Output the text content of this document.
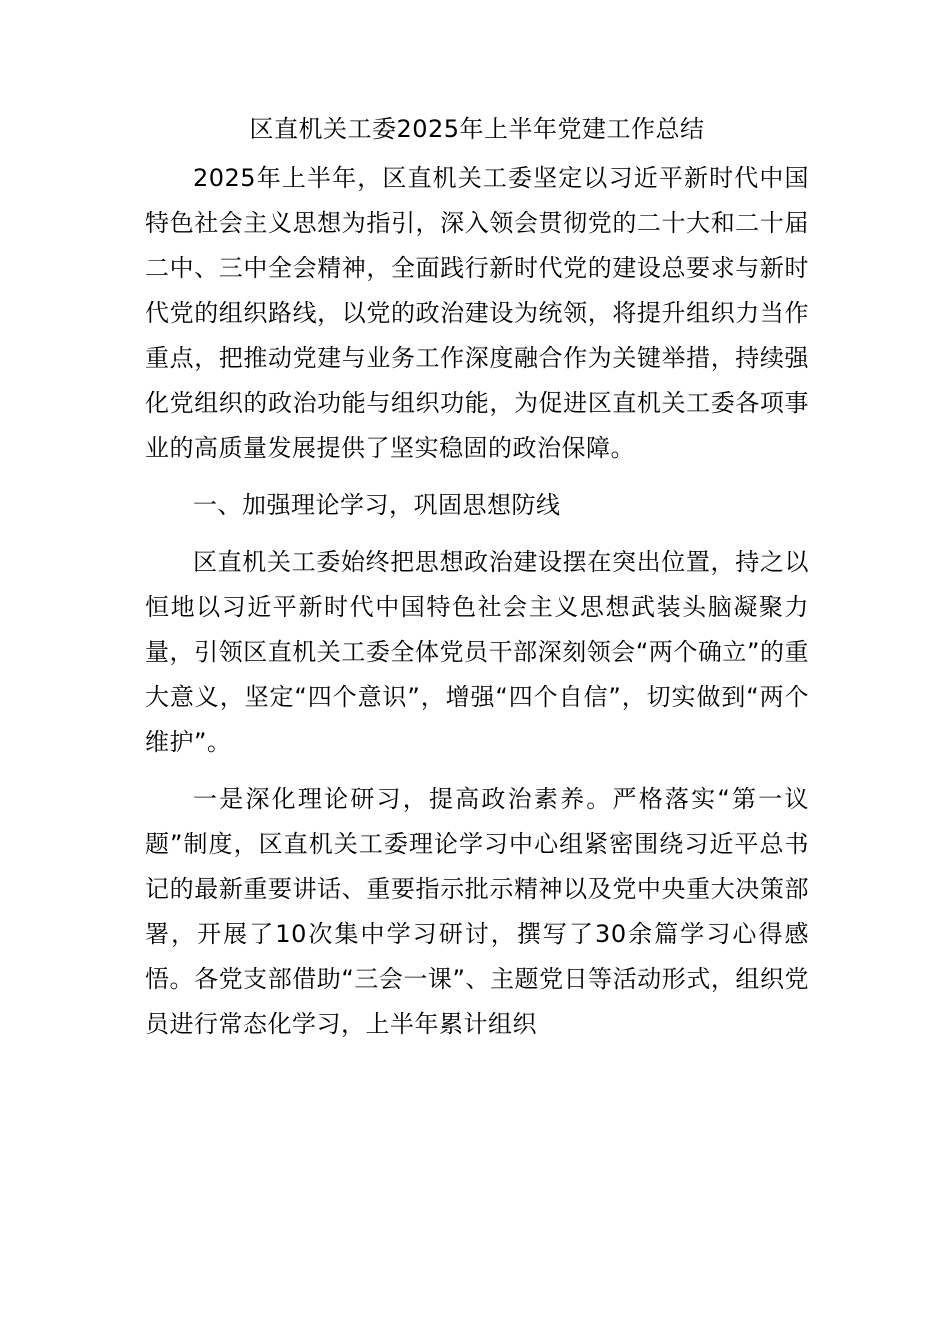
区直机关工委2025年上半年党建工作总结

2025年上半年，区直机关工委坚定以习近平新时代中国特色社会主义思想为指引，深入领会贯彻党的二十大和二十届二中、三中全会精神，全面践行新时代党的建设总要求与新时代党的组织路线，以党的政治建设为统领，将提升组织力当作重点，把推动党建与业务工作深度融合作为关键举措，持续强化党组织的政治功能与组织功能，为促进区直机关工委各项事业的高质量发展提供了坚实稳固的政治保障。

一、加强理论学习，巩固思想防线

区直机关工委始终把思想政治建设摆在突出位置，持之以恒地以习近平新时代中国特色社会主义思想武装头脑凝聚力量，引领区直机关工委全体党员干部深刻领会“两个确立”的重大意义，坚定“四个意识”，增强“四个自信”，切实做到“两个维护”。

一是深化理论研习，提高政治素养。严格落实“第一议题”制度，区直机关工委理论学习中心组紧密围绕习近平总书记的最新重要讲话、重要指示批示精神以及党中央重大决策部署，开展了10次集中学习研讨，撰写了30余篇学习心得感悟。各党支部借助“三会一课”、主题党日等活动形式，组织党员进行常态化学习，上半年累计组织
